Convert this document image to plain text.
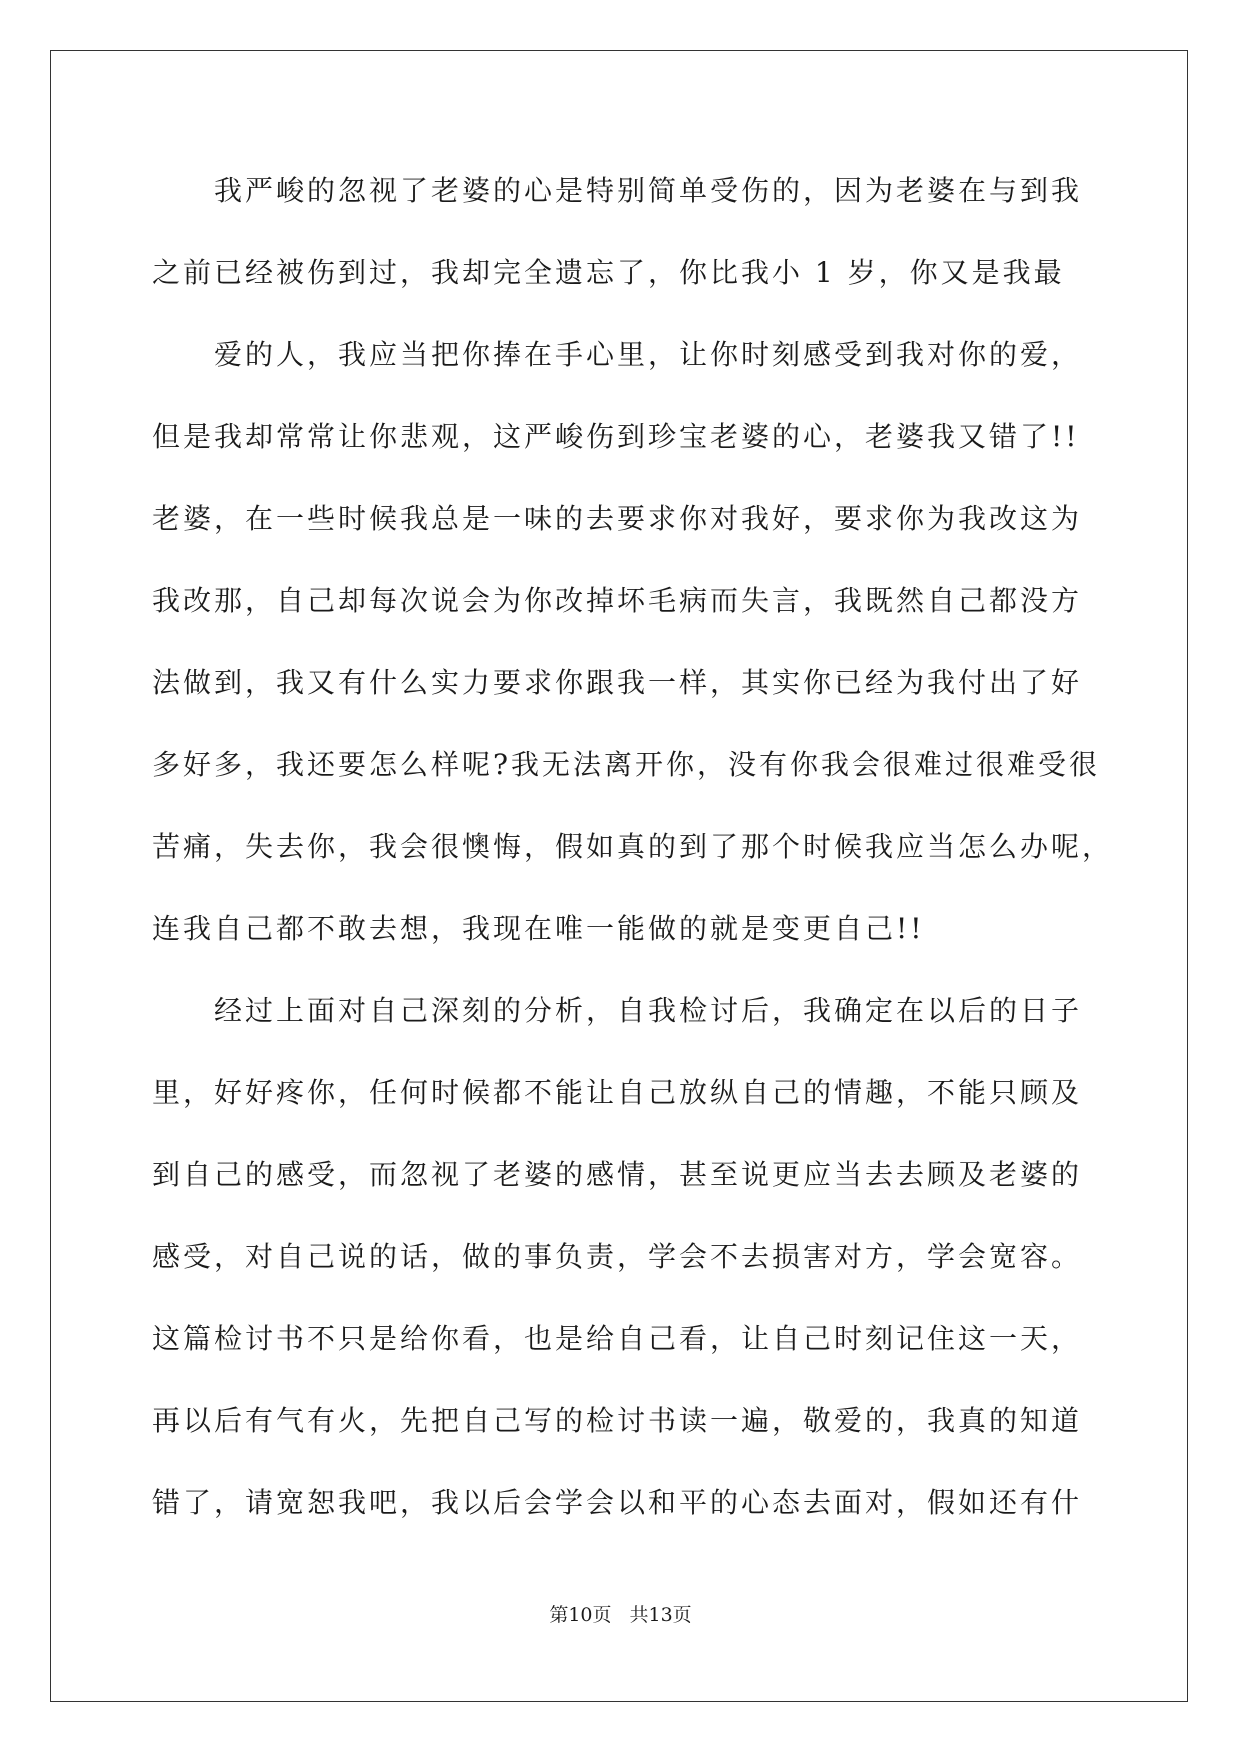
我严峻的忽视了老婆的心是特别简单受伤的，因为老婆在与到我
之前已经被伤到过，我却完全遗忘了，你比我小 1 岁，你又是我最
爱的人，我应当把你捧在手心里，让你时刻感受到我对你的爱，
但是我却常常让你悲观，这严峻伤到珍宝老婆的心，老婆我又错了!!
老婆，在一些时候我总是一味的去要求你对我好，要求你为我改这为
我改那，自己却每次说会为你改掉坏毛病而失言，我既然自己都没方
法做到，我又有什么实力要求你跟我一样，其实你已经为我付出了好
多好多，我还要怎么样呢?我无法离开你，没有你我会很难过很难受很
苦痛，失去你，我会很懊悔，假如真的到了那个时候我应当怎么办呢，
连我自己都不敢去想，我现在唯一能做的就是变更自己!!
经过上面对自己深刻的分析，自我检讨后，我确定在以后的日子
里，好好疼你，任何时候都不能让自己放纵自己的情趣，不能只顾及
到自己的感受，而忽视了老婆的感情，甚至说更应当去去顾及老婆的
感受，对自己说的话，做的事负责，学会不去损害对方，学会宽容。
这篇检讨书不只是给你看，也是给自己看，让自己时刻记住这一天，
再以后有气有火，先把自己写的检讨书读一遍，敬爱的，我真的知道
错了，请宽恕我吧，我以后会学会以和平的心态去面对，假如还有什
第10页 共13页
